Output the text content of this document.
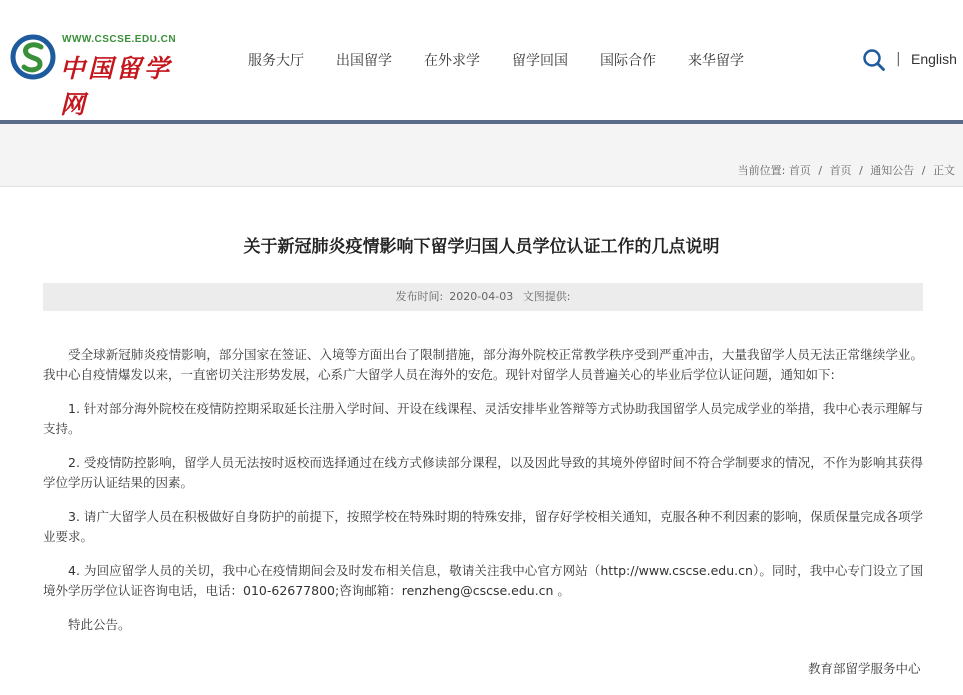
WWW.CSCSE.EDU.CN
中国留学网
服务大厅 出国留学 在外求学 留学回国 国际合作 来华留学	| English
当前位置: 首页 / 首页 / 通知公告 / 正文
关于新冠肺炎疫情影响下留学归国人员学位认证工作的几点说明
发布时间: 2020-04-03 文图提供:

受全球新冠肺炎疫情影响，部分国家在签证、入境等方面出台了限制措施，部分海外院校正常教学秩序受到严重冲击，大量我留学人员无法正常继续学业。我中心自疫情爆发以来，一直密切关注形势发展，心系广大留学人员在海外的安危。现针对留学人员普遍关心的毕业后学位认证问题，通知如下:

1. 针对部分海外院校在疫情防控期采取延长注册入学时间、开设在线课程、灵活安排毕业答辩等方式协助我国留学人员完成学业的举措，我中心表示理解与支持。

2. 受疫情防控影响，留学人员无法按时返校而选择通过在线方式修读部分课程，以及因此导致的其境外停留时间不符合学制要求的情况，不作为影响其获得学位学历认证结果的因素。

3. 请广大留学人员在积极做好自身防护的前提下，按照学校在特殊时期的特殊安排，留存好学校相关通知，克服各种不利因素的影响，保质保量完成各项学业要求。

4. 为回应留学人员的关切，我中心在疫情期间会及时发布相关信息，敬请关注我中心官方网站（http://www.cscse.edu.cn）。同时，我中心专门设立了国境外学历学位认证咨询电话，电话：010-62677800;咨询邮箱：renzheng@cscse.edu.cn 。

特此公告。

教育部留学服务中心
